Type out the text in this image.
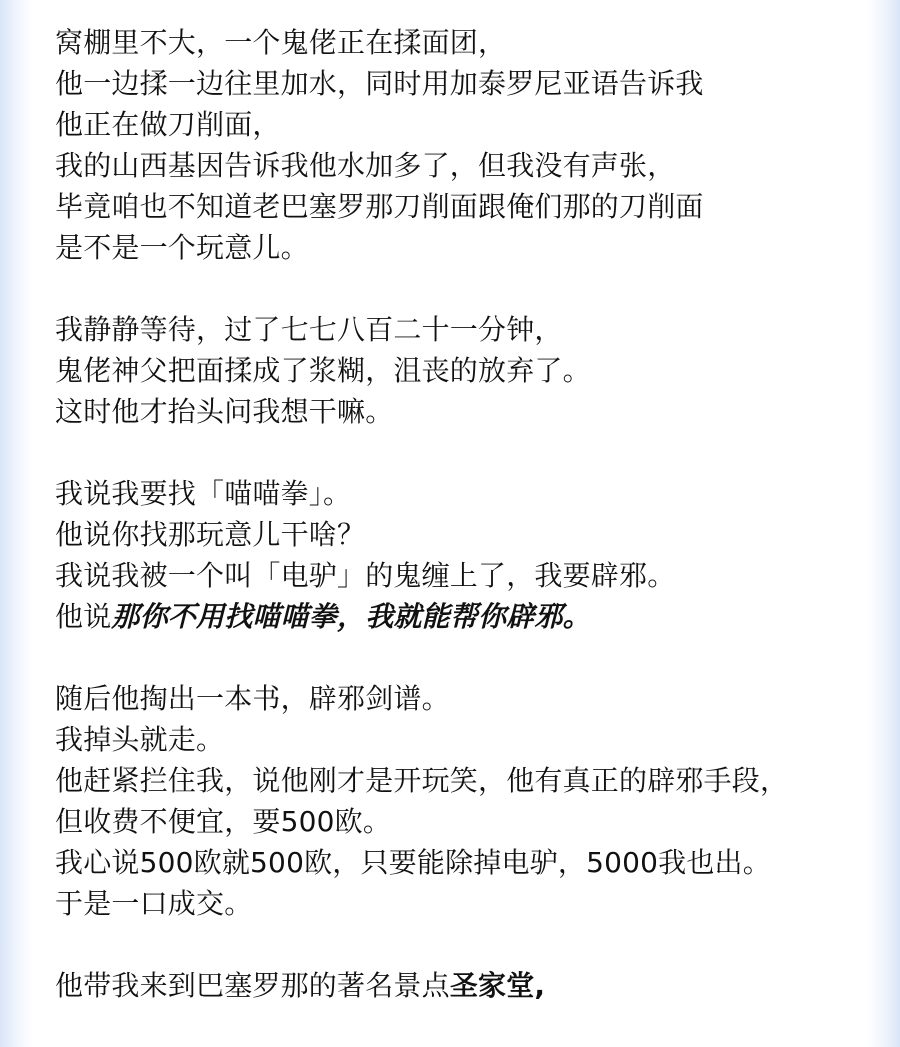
窝棚里不大，一个鬼佬正在揉面团，
他一边揉一边往里加水，同时用加泰罗尼亚语告诉我
他正在做刀削面，
我的山西基因告诉我他水加多了，但我没有声张，
毕竟咱也不知道老巴塞罗那刀削面跟俺们那的刀削面
是不是一个玩意儿。
我静静等待，过了七七八百二十一分钟，
鬼佬神父把面揉成了浆糊，沮丧的放弃了。
这时他才抬头问我想干嘛。
我说我要找「喵喵拳」。
他说你找那玩意儿干啥？
我说我被一个叫「电驴」的鬼缠上了，我要辟邪。
他说那你不用找喵喵拳，我就能帮你辟邪。
随后他掏出一本书，辟邪剑谱。
我掉头就走。
他赶紧拦住我，说他刚才是开玩笑，他有真正的辟邪手段，
但收费不便宜，要500欧。
我心说500欧就500欧，只要能除掉电驴，5000我也出。
于是一口成交。
他带我来到巴塞罗那的著名景点圣家堂,
